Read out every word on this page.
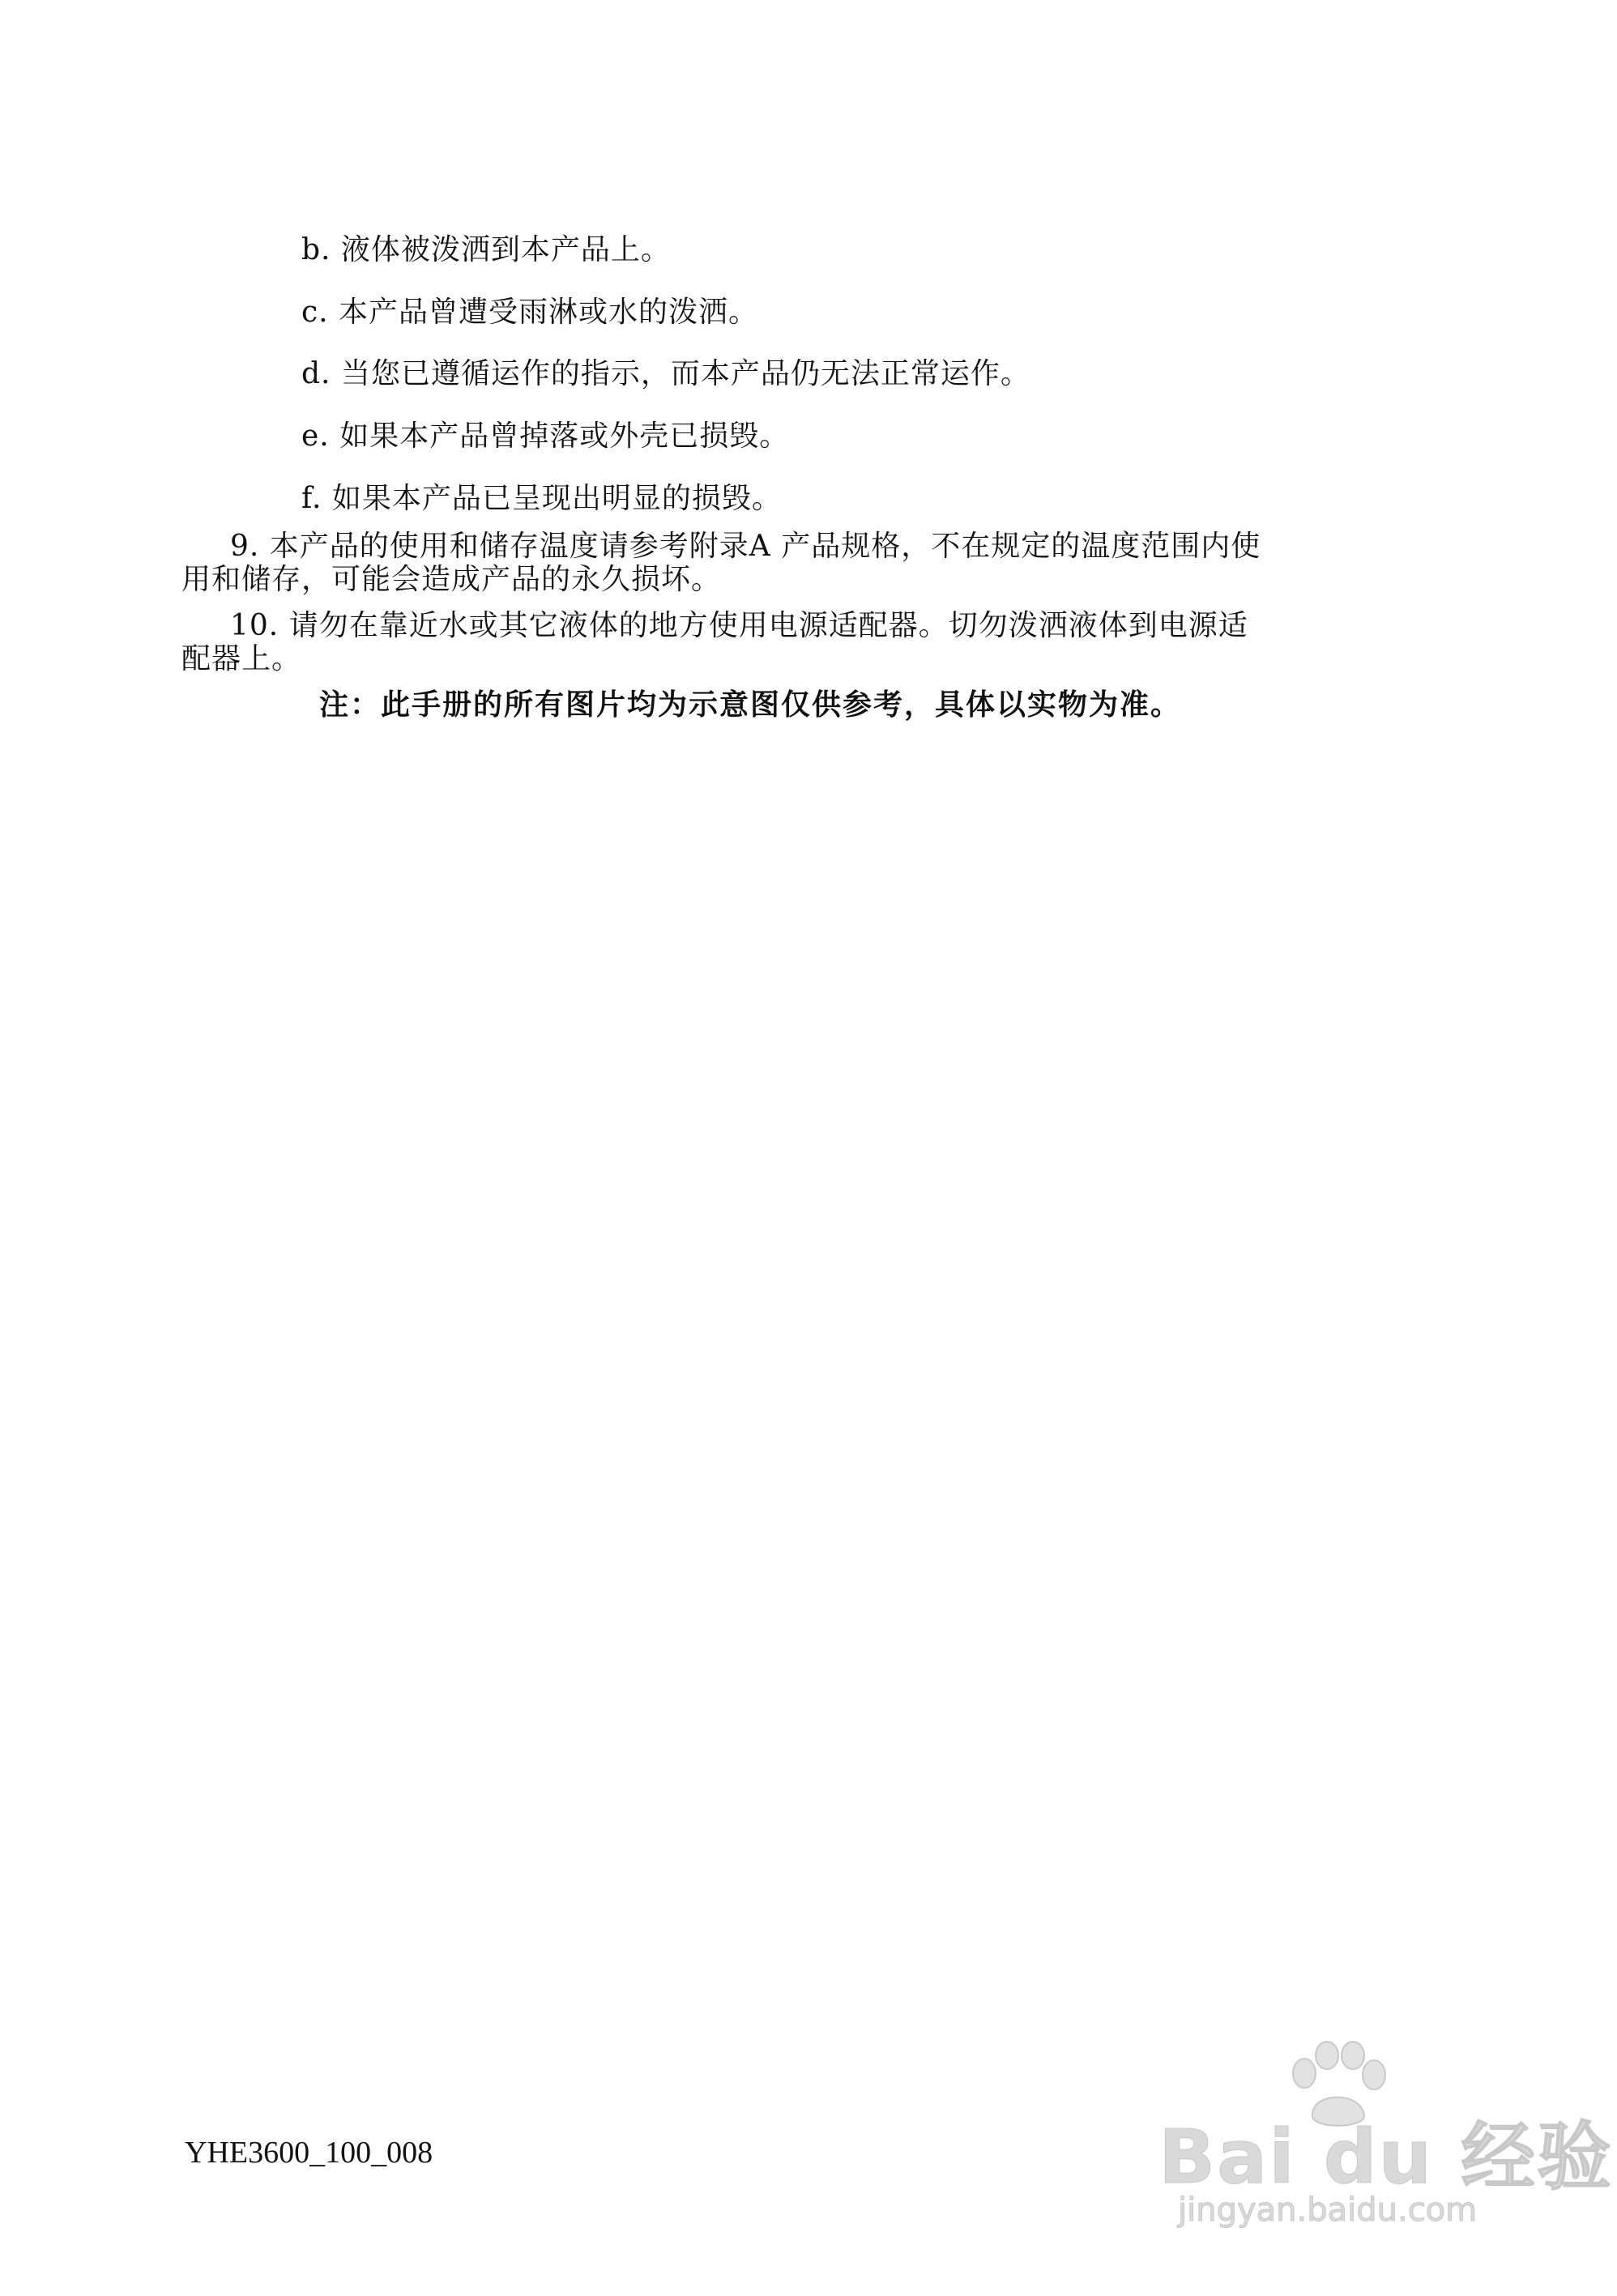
b. 液体被泼洒到本产品上。
c. 本产品曾遭受雨淋或水的泼洒。
d. 当您已遵循运作的指示，而本产品仍无法正常运作。
e. 如果本产品曾掉落或外壳已损毁。
f. 如果本产品已呈现出明显的损毁。
9. 本产品的使用和储存温度请参考附录A 产品规格，不在规定的温度范围内使
用和储存，可能会造成产品的永久损坏。
10. 请勿在靠近水或其它液体的地方使用电源适配器。切勿泼洒液体到电源适
配器上。
注：此手册的所有图片均为示意图仅供参考，具体以实物为准。
YHE3600_100_008	Bai du 经验
jingyan.baidu.com
